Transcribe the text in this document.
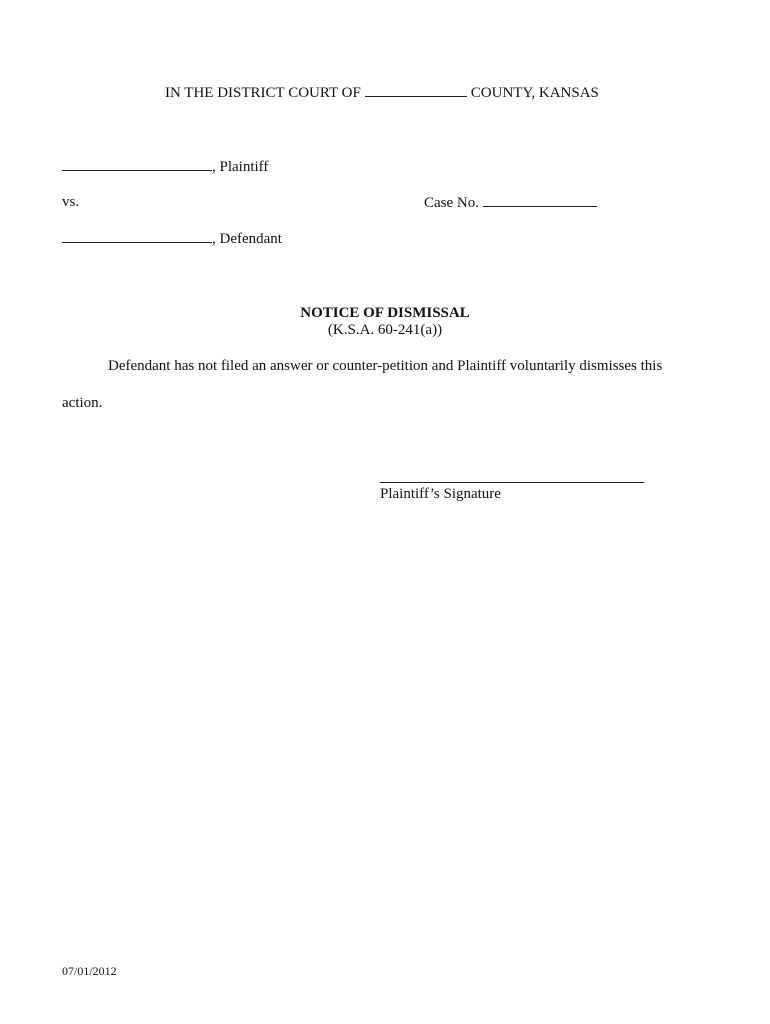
IN THE DISTRICT COURT OF	COUNTY, KANSAS
, Plaintiff
vs.	Case No.
, Defendant
NOTICE OF DISMISSAL
(K.S.A. 60-241(a))
Defendant has not filed an answer or counter-petition and Plaintiff voluntarily dismisses this
action.
Plaintiff’s Signature
07/01/2012
